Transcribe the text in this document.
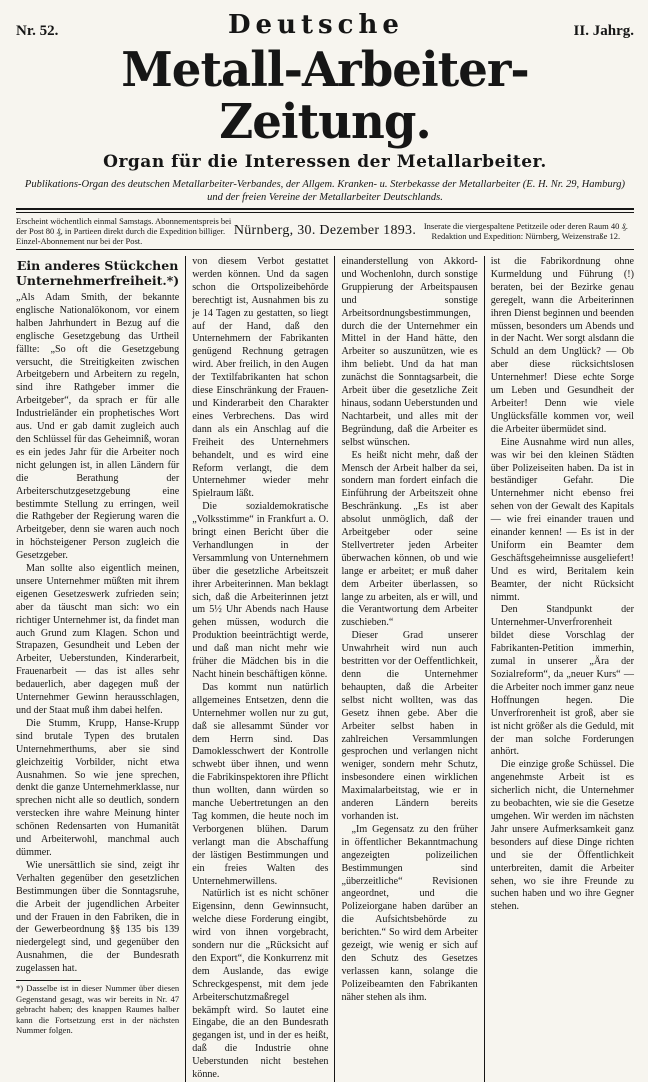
Nr. 52.	Deutsche	II. Jahrg.
Metall-Arbeiter-Zeitung.
Organ für die Interessen der Metallarbeiter.
Publikations-Organ des deutschen Metallarbeiter-Verbandes, der Allgem. Kranken- u. Sterbekasse der Metallarbeiter (E. H. Nr. 29, Hamburg) und der freien Vereine der Metallarbeiter Deutschlands.
Erscheint wöchentlich einmal Samstags. Abonnementspreis bei der Post 80 ₰, in Partieen direkt durch die Expedition billiger. Einzel-Abonnement nur bei der Post.
Nürnberg, 30. Dezember 1893. Inserate die viergespaltene Petitzeile oder deren Raum 40 ₰. Redaktion und Expedition: Nürnberg, Weizenstraße 12.
Ein anderes Stückchen Unternehmerfreiheit.*)

„Als Adam Smith, der bekannte englische Nationalökonom, vor einem halben Jahrhundert in Bezug auf die englische Gesetzgebung das Urtheil fällte: „So oft die Gesetzgebung versucht, die Streitigkeiten zwischen Arbeitgebern und Arbeitern zu regeln, sind ihre Rathgeber immer die Arbeitgeber“, da sprach er für alle Industrieländer ein prophetisches Wort aus. Und er gab damit zugleich auch den Schlüssel für das Geheimniß, woran es ein jedes Jahr für die Arbeiter noch nicht gelungen ist, in allen Ländern für die Berathung der Arbeiterschutzgesetzgebung eine bestimmte Stellung zu erringen, weil die Rathgeber der Regierung waren die Arbeitgeber, denn sie waren auch noch in höchsteigener Person zugleich die Gesetzgeber.

Man sollte also eigentlich meinen, unsere Unternehmer müßten mit ihrem eigenen Gesetzeswerk zufrieden sein; aber da täuscht man sich: wo ein richtiger Unternehmer ist, da findet man auch Grund zum Klagen. Schon und Strapazen, Gesundheit und Leben der Arbeiter, Ueberstunden, Kinderarbeit, Frauenarbeit — das ist alles sehr bedauerlich, aber dagegen muß der Unternehmer Gewinn herausschlagen, und der Staat muß ihm dabei helfen.

Die Stumm, Krupp, Hanse-Krupp sind brutale Typen des brutalen Unternehmerthums, aber sie sind gleichzeitig Vorbilder, nicht etwa Ausnahmen. So wie jene sprechen, denkt die ganze Unternehmerklasse, nur sprechen nicht alle so deutlich, sondern verstecken ihre wahre Meinung hinter schönen Redensarten von Humanität und Arbeiterwohl, manchmal auch dümmer.

Wie unersättlich sie sind, zeigt ihr Verhalten gegenüber den gesetzlichen Bestimmungen über die Sonntagsruhe, die Arbeit der jugendlichen Arbeiter und der Frauen in den Fabriken, die in der Gewerbeordnung §§ 135 bis 139 niedergelegt sind, und gegenüber den Ausnahmen, die der Bundesrath zugelassen hat.

*) Dasselbe ist in dieser Nummer über diesen Gegenstand gesagt, was wir bereits in Nr. 47 gebracht haben; des knappen Raumes halber kann die Fortsetzung erst in der nächsten Nummer folgen.

von diesem Verbot gestattet werden können. Und da sagen schon die Ortspolizeibehörde berechtigt ist, Ausnahmen bis zu je 14 Tagen zu gestatten, so liegt auf der Hand, daß den Unternehmern der Fabrikanten genügend Rechnung getragen wird. Aber freilich, in den Augen der Textilfabrikanten hat schon diese Einschränkung der Frauen- und Kinderarbeit den Charakter eines Verbrechens. Das wird dann als ein Anschlag auf die Freiheit des Unternehmers behandelt, und es wird eine Reform verlangt, die dem Unternehmer wieder mehr Spielraum läßt.

Die sozialdemokratische „Volksstimme“ in Frankfurt a. O. bringt einen Bericht über die Verhandlungen in der Versammlung von Unternehmern über die gesetzliche Arbeitszeit ihrer Arbeiterinnen. Man beklagt sich, daß die Arbeiterinnen jetzt um 5½ Uhr Abends nach Hause gehen müssen, wodurch die Produktion beeinträchtigt werde, und daß man nicht mehr wie früher die Mädchen bis in die Nacht hinein beschäftigen könne.

Das kommt nun natürlich allgemeines Entsetzen, denn die Unternehmer wollen nur zu gut, daß sie allesammt Sünder vor dem Herrn sind. Das Damoklesschwert der Kontrolle schwebt über ihnen, und wenn die Fabrikinspektoren ihre Pflicht thun wollten, dann würden so manche Uebertretungen an den Tag kommen, die heute noch im Verborgenen blühen. Darum verlangt man die Abschaffung der lästigen Bestimmungen und ein freies Walten des Unternehmerwillens.

Natürlich ist es nicht schöner Eigensinn, denn Gewinnsucht, welche diese Forderung eingibt, wird von ihnen vorgebracht, sondern nur die „Rücksicht auf den Export“, die Konkurrenz mit dem Auslande, das ewige Schreckgespenst, mit dem jede Arbeiterschutzmaßregel bekämpft wird. So lautet eine Eingabe, die an den Bundesrath gegangen ist, und in der es heißt, daß die Industrie ohne Ueberstunden nicht bestehen könne.

einanderstellung von Akkord- und Wochenlohn, durch sonstige Gruppierung der Arbeitspausen und sonstige Arbeitsordnungsbestimmungen, durch die der Unternehmer ein Mittel in der Hand hätte, den Arbeiter so auszunützen, wie es ihm beliebt. Und da hat man zunächst die Sonntagsarbeit, die Arbeit über die gesetzliche Zeit hinaus, sodann Ueberstunden und Nachtarbeit, und alles mit der Begründung, daß die Arbeiter es selbst wünschen.

Es heißt nicht mehr, daß der Mensch der Arbeit halber da sei, sondern man fordert einfach die Einführung der Arbeitszeit ohne Beschränkung. „Es ist aber absolut unmöglich, daß der Arbeitgeber oder seine Stellvertreter jeden Arbeiter überwachen können, ob und wie lange er arbeitet; er muß daher dem Arbeiter überlassen, so lange zu arbeiten, als er will, und die Verantwortung dem Arbeiter zuschieben.“

Dieser Grad unserer Unwahrheit wird nun auch bestritten vor der Oeffentlichkeit, denn die Unternehmer behaupten, daß die Arbeiter selbst nicht wollten, was das Gesetz ihnen gebe. Aber die Arbeiter selbst haben in zahlreichen Versammlungen gesprochen und verlangen nicht weniger, sondern mehr Schutz, insbesondere einen wirklichen Maximalarbeitstag, wie er in anderen Ländern bereits vorhanden ist.

„Im Gegensatz zu den früher in öffentlicher Bekanntmachung angezeigten polizeilichen Bestimmungen sind „überzeitliche“ Revisionen angeordnet, und die Polizeiorgane haben darüber an die Aufsichtsbehörde zu berichten.“ So wird dem Arbeiter gezeigt, wie wenig er sich auf den Schutz des Gesetzes verlassen kann, solange die Polizeibeamten den Fabrikanten näher stehen als ihm.

ist die Fabrikordnung ohne Kurmeldung und Führung (!) beraten, bei der Bezirke genau geregelt, wann die Arbeiterinnen ihren Dienst beginnen und beenden müssen, besonders um Abends und in der Nacht. Wer sorgt alsdann die Schuld an dem Unglück? — Ob aber diese rücksichtslosen Unternehmer! Diese echte Sorge um Leben und Gesundheit der Arbeiter! Denn wie viele Unglücksfälle kommen vor, weil die Arbeiter übermüdet sind.

Eine Ausnahme wird nun alles, was wir bei den kleinen Städten über Polizeiseiten haben. Da ist in beständiger Gefahr. Die Unternehmer nicht ebenso frei sehen von der Gewalt des Kapitals — wie frei einander trauen und einander kennen! — Es ist in der Uniform ein Beamter dem Geschäftsgeheimnisse ausgeliefert! Und es wird, Beritalem kein Beamter, der nicht Rücksicht nimmt.

Den Standpunkt der Unternehmer-Unverfrorenheit bildet diese Vorschlag der Fabrikanten-Petition immerhin, zumal in unserer „Ära der Sozialreform“, da „neuer Kurs“ — die Arbeiter noch immer ganz neue Hoffnungen hegen. Die Unverfrorenheit ist groß, aber sie ist nicht größer als die Geduld, mit der man solche Forderungen anhört.

Die einzige große Schüssel. Die angenehmste Arbeit ist es sicherlich nicht, die Unternehmer zu beobachten, wie sie die Gesetze umgehen. Wir werden im nächsten Jahr unsere Aufmerksamkeit ganz besonders auf diese Dinge richten und sie der Öffentlichkeit unterbreiten, damit die Arbeiter sehen, wo sie ihre Freunde zu suchen haben und wo ihre Gegner stehen.
